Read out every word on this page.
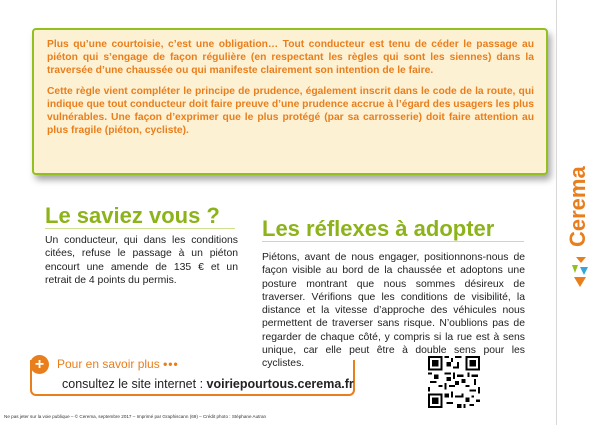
Plus qu’une courtoisie, c’est une obligation… Tout conducteur est tenu de céder le passage au piéton qui s’engage de façon régulière (en respectant les règles qui sont les siennes) dans la traversée d’une chaussée ou qui manifeste clairement son intention de le faire.

Cette règle vient compléter le principe de prudence, également inscrit dans le code de la route, qui indique que tout conducteur doit faire preuve d’une prudence accrue à l’égard des usagers les plus vulnérables. Une façon d’exprimer que le plus protégé (par sa carrosserie) doit faire attention au plus fragile (piéton, cycliste).

Cerema
Le saviez vous ?

Un conducteur, qui dans les conditions citées, refuse le passage à un piéton encourt une amende de 135 € et un retrait de 4 points du permis.

Les réflexes à adopter

Piétons, avant de nous engager, positionnons-nous de façon visible au bord de la chaussée et adoptons une posture montrant que nous sommes désireux de traverser. Vérifions que les conditions de visibilité, la distance et la vitesse d’approche des véhicules nous permettent de traverser sans risque. N’oublions pas de regarder de chaque côté, y compris si la rue est à sens unique, car elle peut être à double sens pour les cyclistes.

+	Pour en savoir plus •••
consultez le site internet : voiriepourtous.cerema.fr
Ne pas jeter sur la voie publique – © Cerema, septembre 2017 – Imprimé par Graphiscann (69) – Crédit photo : Stéphane Autran
